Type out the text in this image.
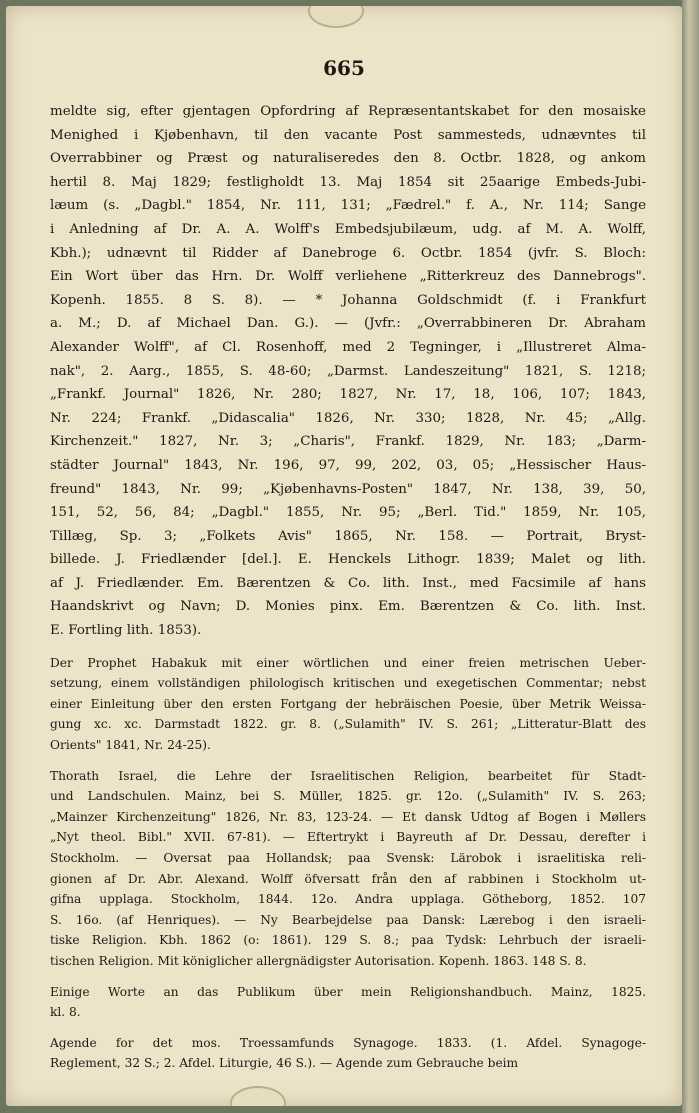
665
meldte sig, efter gjentagen Opfordring af Repræsentantskabet for den mosaiske
Menighed i Kjøbenhavn, til den vacante Post sammesteds, udnævntes til
Overrabbiner og Præst og naturaliseredes den 8. Octbr. 1828, og ankom
hertil 8. Maj 1829; festligholdt 13. Maj 1854 sit 25aarige Embeds-Jubi-
læum (s. „Dagbl." 1854, Nr. 111, 131; „Fædrel." f. A., Nr. 114; Sange
i Anledning af Dr. A. A. Wolff's Embedsjubilæum, udg. af M. A. Wolff,
Kbh.); udnævnt til Ridder af Danebroge 6. Octbr. 1854 (jvfr. S. Bloch:
Ein Wort über das Hrn. Dr. Wolff verliehene „Ritterkreuz des Dannebrogs".
Kopenh. 1855. 8 S. 8). — * Johanna Goldschmidt (f. i Frankfurt
a. M.; D. af Michael Dan. G.). — (Jvfr.: „Overrabbineren Dr. Abraham
Alexander Wolff", af Cl. Rosenhoff, med 2 Tegninger, i „Illustreret Alma-
nak", 2. Aarg., 1855, S. 48-60; „Darmst. Landeszeitung" 1821, S. 1218;
„Frankf. Journal" 1826, Nr. 280; 1827, Nr. 17, 18, 106, 107; 1843,
Nr. 224; Frankf. „Didascalia" 1826, Nr. 330; 1828, Nr. 45; „Allg.
Kirchenzeit." 1827, Nr. 3; „Charis", Frankf. 1829, Nr. 183; „Darm-
städter Journal" 1843, Nr. 196, 97, 99, 202, 03, 05; „Hessischer Haus-
freund" 1843, Nr. 99; „Kjøbenhavns-Posten" 1847, Nr. 138, 39, 50,
151, 52, 56, 84; „Dagbl." 1855, Nr. 95; „Berl. Tid." 1859, Nr. 105,
Tillæg, Sp. 3; „Folkets Avis" 1865, Nr. 158. — Portrait, Bryst-
billede. J. Friedlænder [del.]. E. Henckels Lithogr. 1839; Malet og lith.
af J. Friedlænder. Em. Bærentzen & Co. lith. Inst., med Facsimile af hans
Haandskrivt og Navn; D. Monies pinx. Em. Bærentzen & Co. lith. Inst.
E. Fortling lith. 1853).
Der Prophet Habakuk mit einer wörtlichen und einer freien metrischen Ueber-
setzung, einem vollständigen philologisch kritischen und exegetischen Commentar; nebst
einer Einleitung über den ersten Fortgang der hebräischen Poesie, über Metrik Weissa-
gung xc. xc. Darmstadt 1822. gr. 8. („Sulamith" IV. S. 261; „Litteratur-Blatt des
Orients" 1841, Nr. 24-25).
Thorath Israel, die Lehre der Israelitischen Religion, bearbeitet für Stadt-
und Landschulen. Mainz, bei S. Müller, 1825. gr. 12o. („Sulamith" IV. S. 263;
„Mainzer Kirchenzeitung" 1826, Nr. 83, 123-24. — Et dansk Udtog af Bogen i Møllers
„Nyt theol. Bibl." XVII. 67-81). — Eftertrykt i Bayreuth af Dr. Dessau, derefter i
Stockholm. — Oversat paa Hollandsk; paa Svensk: Lärobok i israelitiska reli-
gionen af Dr. Abr. Alexand. Wolff öfversatt från den af rabbinen i Stockholm ut-
gifna upplaga. Stockholm, 1844. 12o. Andra upplaga. Götheborg, 1852. 107
S. 16o. (af Henriques). — Ny Bearbejdelse paa Dansk: Lærebog i den israeli-
tiske Religion. Kbh. 1862 (o: 1861). 129 S. 8.; paa Tydsk: Lehrbuch der israeli-
tischen Religion. Mit königlicher allergnädigster Autorisation. Kopenh. 1863. 148 S. 8.
Einige Worte an das Publikum über mein Religionshandbuch. Mainz, 1825.
kl. 8.
Agende for det mos. Troessamfunds Synagoge. 1833. (1. Afdel. Synagoge-
Reglement, 32 S.; 2. Afdel. Liturgie, 46 S.). — Agende zum Gebrauche beim
